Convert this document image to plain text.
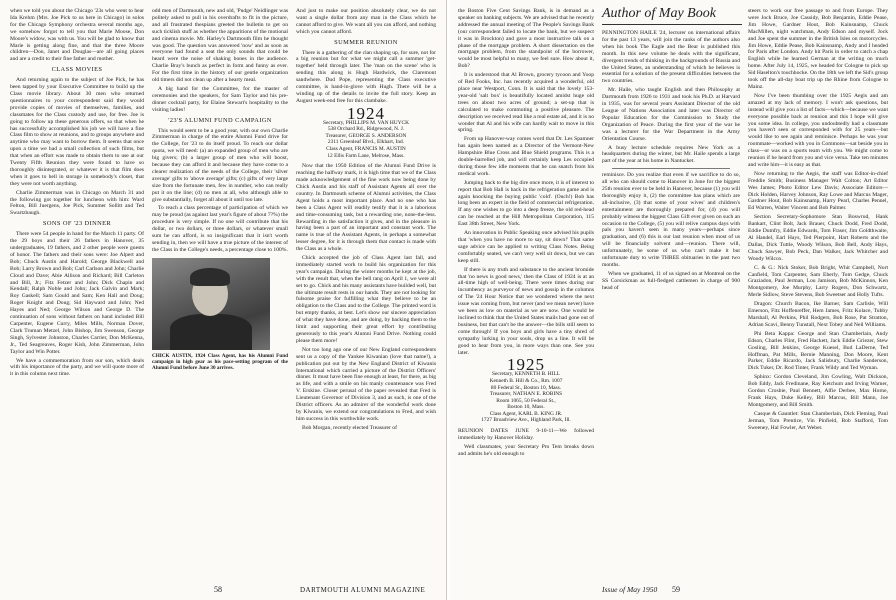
when we told you about the Chicago '23s who went to hear Ida Krehm (Mrs. Joe Pick to us here in Chicago) in solos for the Chicago Symphony orchestra several months ago, we somehow forgot to tell you that Marie Moose, Don Moore's widow, was with us. You will be glad to know that Marie is getting along fine, and that the three Moore children—Don, Janet and Douglas—are all going places and are a credit to their fine father and mother.

CLASS MOVIES

And returning again to the subject of Joe Pick, he has been tapped by your Executive Committee to build up the Class movie library. About 30 men who returned questionnaires to your correspondent said they would provide copies of movies of themselves, families, and classmates for the Class custody and use, for free. Joe is going to follow up these generous offers, so that when he has successfully accomplished his job we will have a fine Class film to show at reunions, and to groups anywhere and anytime who may want to borrow them. It seems that once upon a time we had a small collection of such films, but that when an effort was made to obtain them to use at our Twenty Fifth Reunion they were found to have so thoroughly disintegrated, or whatever it is that film does when it goes to hell in storage in somebody's closet, that they were not worth anything.

Charlie Zimmerman was in Chicago on March 31 and the following got together for luncheon with him: Ward Felton, Bill Juergens, Joe Pick, Summer Sollitt and Ted Swartzbaugh.

SONS OF '23 DINNER

There were 54 people in hand for the March 11 party. Of the 29 boys and their 26 fathers in Hanover, 35 undergraduates, 19 fathers, and 2 other people were guests of honor. The fathers and their sons were: Joe Alpert and Bob; Chuck Austin and Harold; George Blackwell and Bob; Larry Brown and Bob; Carl Carlson and John; Charlie Cloud and Dave; Abie Allison and Richard; Bill Carleton and Bill, Jr.; Fitz Fetzer and John; Dick Chapin and Kendall; Ralph Noble and John; Jack Galvin and Mark; Roy Gaskell; Sam Gould and Sam; Ken Hall and Doug; Roger Knight and Doug; Sid Hayward and John; Ned Hayes and Ned; George Wilson and George D. The continuation of sons without fathers on hand included Bill Carpenter, Eugene Curry, Miles Mills, Norman Dover, Clark Truman Metzel, John Bishop, Jim Swenson, George Singh, Sylvester Johnston, Charles Carrier, Don McKenna, Jr., Ted Seagreaves, Roger Kish, John Zimmerman, John Taylor and Win Potter.

We have a commemoration from our son, which deals with his importance of the party, and we will quote more of it in this column next time.

odd men of Dartmouth, new and old, 'Pudge' Neidlinger was politely asked to pull in his overdrafts to fit in the picture, and all frustrated thespians greeted the bulletin to get on such ticklish stuff as whether the apparitions of the motional and cinema movie. Mr. Harley's Dartmouth film he thought was good. The question was answered 'now' and as soon as everyone had found a seat the only sounds that could be heard were the noise of shaking bones in the audience. Charlie Bray's bunch as perfect in form and funny as ever. For the first time in the history of our gentle organization old timers did not clean up after a hearty meal.

A big hand for the Committee, for the master of ceremonies and the speakers, for Sam Taylor and his pre-dinner cocktail party, for Elaine Stewart's hospitality to the visiting ladies!

'23'S ALUMNI FUND CAMPAIGN

This would seem to be a good year, with our own Charlie Zimmerman in charge of the entire Alumni Fund drive for the College, for '23 to do itself proud. To reach our dollar quota, we will need: (a) an expanded group of men who are big givers; (b) a larger group of men who will boost, because they can afford it and because they have come to a clearer realization of the needs of the College, their 'silver average' gifts to 'above average' gifts; (c) gifts of very large size from the fortunate men, few in number, who can really put it on the line; (d) no men at all, who although able to give substantially, forget all about it until too late.

To reach a class percentage of participation of which we may be proud (as against last year's figure of about 7?%) the procedure is very simple. If no one will contribute that his dollar, or two dollars, or three dollars, or whatever small sum he can afford, is so insignificant that it isn't worth sending in, then we will have a true picture of the interest of the Class in the College's needs, a percentage close to 100%.

CHICK AUSTIN, 1924 Class Agent, has his Alumni Fund campaign in high gear as his pace-setting program of the Alumni Fund before June 30 arrives.

And just to make our position absolutely clear, we do not want a single dollar from any man in the Class which he cannot afford to give. We want all you can afford, and nothing which you cannot afford.

SUMMER REUNION

There is a gathering of the clan shaping up, for sure, not for a big reunion but for what we might call a summer 'get-together' held through later. The 'man on the scene' who is sending this along is Hugh Hardwick, the Claremont sandwhere. Dud Pope, representing the Class executive committee, is hand-in-glove with Hugh. There will be a winding up of the details to invite the full story. Keep an August week-end free for this clambake.

1924
Secretary, PHILLIPS M. VAN HUYCK
538 Orchard Rd., Ridgewood, N. J.
Treasurer, GEORGE S. ANDERSON
2311 Greenleaf Blvd., Elkhart, Ind.
Class Agent, FRANCIS M. AUSTIN
12 Ellis Farm Lane, Melrose, Mass.

Now that the 1950 Edition of the Alumni Fund Drive is reaching the halfway mark, it is high time that we of the Class made acknowledgement of the fine work now being done by Chick Austin and his staff of Assistant Agents all over the country. In Dartmouth scheme of Alumni activities, the Class Agent holds a most important place. And no one who has been a Class Agent will readily testify that it is a laborious and time-consuming task, but a rewarding one, none-the-less. Rewarding in the satisfaction it gives, and in the pleasure in having been a part of an important and constant work. The name is true of the Assistant Agents, in perhaps a somewhat lesser degree, for it is through them that contact is made with the Class as a whole.

Chick accepted the job of Class Agent last fall, and immediately started work to build his organization for this year's campaign. During the winter months he kept at the job, with the result that, when the bell rang on April 1, we were all set to go. Chick and his many assistants have builded well, but the ultimate result rests in our hands. They are not looking for fulsome praise for fulfilling what they believe to be an obligation to the Class and to the College. The printed word is but empty thanks, at best. Let's show our sincere appreciation of what they have done, and are doing, by backing them to the limit and supporting their great effort by contributing generously to this year's Alumni Fund Drive. Nothing could please them more!

Not too long ago one of our New England correspondents sent us a copy of the Yankee Kiwanian (love that name!), a publication put out by the New England District of Kiwanis International which carried a picture of the District Officers' dinner. It must have been fine enough at least, for there, as big as life, and with a smile on his manly countenance was Fred V. Erskine. Closer perusal of the paper revealed that Fred is Lieutenant Governor of Division 3, and as such, is one of the District officers. As an admirer of the wonderful work done by Kiwanis, we extend our congratulations to Fred, and wish him success in this worthwhile work.

Bob Morgan, recently elected Treasurer of

58	DARTMOUTH ALUMNI MAGAZINE

the Boston Five Cent Savings Bank, is in demand as a speaker on banking subjects. We are advised that he recently addressed the annual meeting of The People's Savings Bank (our correspondent failed to locate the bank, but we suspect it was in Brockton) and gave a most instructive talk on a phase of the mortgage problem. A short dissertation on the mortgage problem, from the standpoint of the borrower, would be most helpful to many, we feel sure. How about it, Bob?

It is understood that Al Brown, grocery tycoon and Yoop of Red Fooks, Inc. has recently acquired a wonderful, old place near Westport, Conn. It is said that the lovely 153-year-old 'salt box' is beautifully located amidst huge old trees on about two acres of ground; a set-up that is calculated to make commuting a positive pleasure. The description we received read like a real estate ad, and it is no wonder that Al and his wife can hardly wait to move in this spring.

From up Hanover-way comes word that Dr. Les Spamner has again been named as a Director of the Vermont-New Hampshire Blue Cross and Blue Shield programs. This is a double-barrelled job, and will certainly keep Les occupied during those few idle moments that he can snatch from his medical work.

Jumping back to the big dire once more, it is of interest to report that Bob Hall is back in the refrigeration game and is again knocking the buying public 'cold'. (Ouch!) Bob has long been an expert in the field of commercial refrigeration. If any one wishes to go into a deep freeze, the old red-head can be reached at the Hill Metropolitan Corporation, 115 East 38th Street, New York.

An innovation in Public Speaking once advised his pupils that 'when you have no more to say, sit down!' That same sage advice can be applied to writing Class Notes. Being comfortably seated, we can't very well sit down, but we can keep still.

If there is any truth and substance to the ancient bromide that 'no news is good news,' then the Class of 1924 is at an all-time high of well-being. There were times during our incumbency as purveyor of news and gossip in the columns of The '24 Hour Notice that we wondered where the next issue was coming from, but never (and we mean never) have we been as low on material as we are now. One would be inclined to think that the United States mails had gone out of business, but that can't be the answer—the bills still seem to come through! If you boys and girls have a tiny shred of sympathy lurking in your souls, drop us a line. It will be good to hear from you, in more ways than one. See you later.

1925
Secretary, KENNETH B. HILL
Kenneth B. Hill & Co., Rm. 1007
80 Federal St., Boston 10, Mass.
Treasurer, NATHAN E. ROBINS
Room 1065, 50 Federal St.,
Boston 10, Mass.
Class Agent, KARL B. KING JR.
1727 Broadview Ave., Highland Park, Ill.

REUNION DATES JUNE 9-10-11—We followed immediately by Hanover Holiday.

Well classmates, your Secretary Pro Tem breaks down and admits he's old enough to

Author of May Book

PENNINGTON HAILE '24, lecturer on international affairs for the past 13 years, will join the ranks of the authors also when his book The Eagle and the Bear is published this month. In this new volume he deals with the significant, divergent trends of thinking in the backgrounds of Russia and the United States, an understanding of which he believes is essential for a solution of the present difficulties between the two countries.

Mr. Haile, who taught English and then Philosophy at Dartmouth from 1926 to 1931 and took his Ph.D. at Harvard in 1935, was for several years Assistant Director of the old League of Nations Association and later was Director of Popular Education for the Commission to Study the Organization of Peace. During the first year of the war he was a lecturer for the War Department in the Army Orientation Course.

A busy lecture schedule requires New York as a headquarters during the winter, but Mr. Haile spends a large part of the year at his home in Nantucket.

reminisce. Do you realize that even if we sacrifice to do so, all who can should come to Hanover in June for the biggest 25th reunion ever to be held in Hanover, because (1) you will thoroughly enjoy it, (2) the committee has plans which are all-inclusive, (3) that some of your wives' and children's entertainment are thoroughly prepared for, (4) you will probably witness the biggest Class Gift ever given on such an occasion to the College, (5) you will relive campus days with pals you haven't seen in many years—perhaps since graduation, and (6) this is our last reunion when most of us will be financially solvent and—reunion. There will, unfortunately, be some of us who can't make it but unfortunate duty to write THREE obituaries in the past two months.

When we graduated, 11 of us signed on at Montreal on the SS Corsickman as full-fledged cattlemen in charge of 900 head of

steers to work our free passage to and from Europe. They were Jock Bruce, Joe Cassidy, Bob Benjamin, Eddie Pease, Jim Howe, Gardner Hout, Bob Kainsnamp, Chuck MacMillen, night watchman, Andy Edson and myself. Jock and Joe spent the summer in the British Isles on motorcycles. Jim Howe, Eddie Pease, Bob Kainsnamp, Andy and I headed for Paris after London. Andy hit Paris in order to catch a chap English while he learned German at the writing on much home. After July 14, 1925, we headed for Cologne to pick up Sid Haselton's touchhocke. On the 18th we left the Sid's group took off the all-day boat trip up the Rhine from Cologne to Mainz.

Now I've been thumbing over the 1925 Aegis and am amazed at my lack of memory. I won't ask questions, but instead will give you a list of facts—which—because we want everyone possible back at reunion and this I hope will give you some idea. In college, you undoubtedly had a classmate you haven't seen or corresponded with for 25 years—but would like to see again and reminisce. Perhaps he was your roommate—worked with you in Commons—sat beside you in class—or was on a sports team with you. We might come to reunion if he heard from you and vice versa. Take ten minutes and write him—it is easy as that.

Now returning to the Aegis, the staff was Editor-in-chief Freddie Smith; Business Manager Walt Colton; Art Editor Wes James; Photo Editor Lew Davis; Associate Editors—Dick Holden, Harvey Johnson, Ray Lowe and Marcus Mager, Gardner Hout, Bob Kainsnamp, Harry Pearl, Charles Pennel, Ed Warren, Walter Vincent and Bob Palmer.

Section Secretary-Sophomore Stan Boswrud, Hank Bankart, Clint Bolt, Jack Brauer, Chuck Dodd, Fred Dodd, Eddie Dumfry, Eddie Edwards, Tom Fraser, Jim Goldthwaite, Al Handel, Earl Hays, Ted Pierpoint, Hart Roberts and the Dallas, Dick Tuttle, Woody Wilson, Bob Bell, Andy Hays, Chuck Sawyer, Bob Peck, Dan Walker, Jack Whitcher and Woody Wilcox.

C. & G.: Nick Stoker, Bob Bright, Whit Campbell, Nort Canfield, Tom Carpenter, Sam Eberly, Tom Gedge, Chuck Graziadon, Paul Jerman, Lou Jamison, Bob McKinnon, Ken Montgomery, Joe Murphy, Larry Rogers, Don Schwartz, Merle Sidlow, Steve Stevens, Bob Sweetser and Holly Tufts.

Dragon: Church Bacon, Ike Barner, Sam Carlisle, Will Emerson, Fitz Hoffenreffer, Hem James, Fritz Kolace, Tubby Marshall, Al Perkins, Phil Rodgers, Bob Rose, Pat Stratton, Adrian Scavi, Benny Tunstall, Next Tobey and Neil Williams.

Phi Beta Kappa: George and Stan Chamberlain, Andy Edson, Charles Flint, Fred Hackett, Jack Eddie Griezer, Stew Gosling, Bill Jenkins, George Kuesel, Bud LaDerne, Ted Hoffman, Pat Mills, Bernie Manning, Don Moore, Kent Parker, Eddie Ricardo, Jack Salisbury, Charlie Sanderson, Dick Tuker, Dr. Rod Tinter, Frank Wildy and Ted Wyman.

Sphinx: Gordon Cleveland, Jim Cowling, Walt Dickson, Bob Eddy, Jack Fredinane, Ray Ketchum and Irving Warner, Gordon Crosbie, Paul Bennett, Alfie Derbee, Max Horne, Frank Hays, Duke Kelley, Bill Marcus, Bill Mann, Joe Montgomery, and Bill Smith.

Casque & Gauntlet: Stan Chamberlain, Dick Fleming, Paul Jerman, Tom Prentice, Vin Pinfield, Bob Stafford, Tom Sweeney, Hal Fowler, Art Weber.

Issue of May 1950 59
